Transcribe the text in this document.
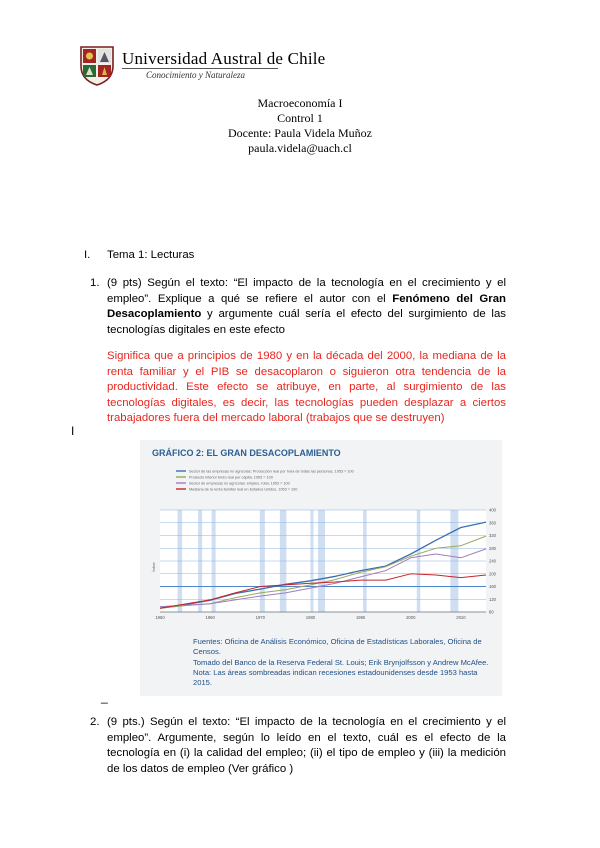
Universidad Austral de Chile
Conocimiento y Naturaleza
Macroeconomía I
Control 1
Docente: Paula Videla Muñoz
paula.videla@uach.cl
I. Tema 1: Lecturas
1. (9 pts) Según el texto: “El impacto de la tecnología en el crecimiento y el empleo”. Explique a qué se refiere el autor con el Fenómeno del Gran Desacoplamiento y argumente cuál sería el efecto del surgimiento de las tecnologías digitales en este efecto
Significa que a principios de 1980 y en la década del 2000, la mediana de la renta familiar y el PIB se desacoplaron o siguieron otra tendencia de la productividad. Este efecto se atribuye, en parte, al surgimiento de las tecnologías digitales, es decir, las tecnologías pueden desplazar a ciertos trabajadores fuera del mercado laboral (trabajos que se destruyen)
I
1950	1960	1970	1980	1990	2000	2010
80
120
160
200
240
280
320
360
400
Sector de las empresas no agrícolas: Producción real por hora de todas las personas, 1953 = 100
Producto interior bruto real per cápita, 1953 = 100
Sector de empresas no agrícolas: empleo, total, 1953 = 100
Mediana de la renta familiar real en Estados Unidos, 1953 = 100
GRÁFICO 2: EL GRAN DESACOPLAMIENTO
Índice
Fuentes: Oficina de Análisis Económico, Oficina de Estadísticas Laborales, Oficina de Censos.
Tomado del Banco de la Reserva Federal St. Louis; Erik Brynjolfsson y Andrew McAfee.
Nota: Las áreas sombreadas indican recesiones estadounidenses desde 1953 hasta 2015.
_
2. (9 pts.) Según el texto: “El impacto de la tecnología en el crecimiento y el empleo”. Argumente, según lo leído en el texto, cuál es el efecto de la tecnología en (i) la calidad del empleo; (ii) el tipo de empleo y (iii) la medición de los datos de empleo (Ver gráfico )
